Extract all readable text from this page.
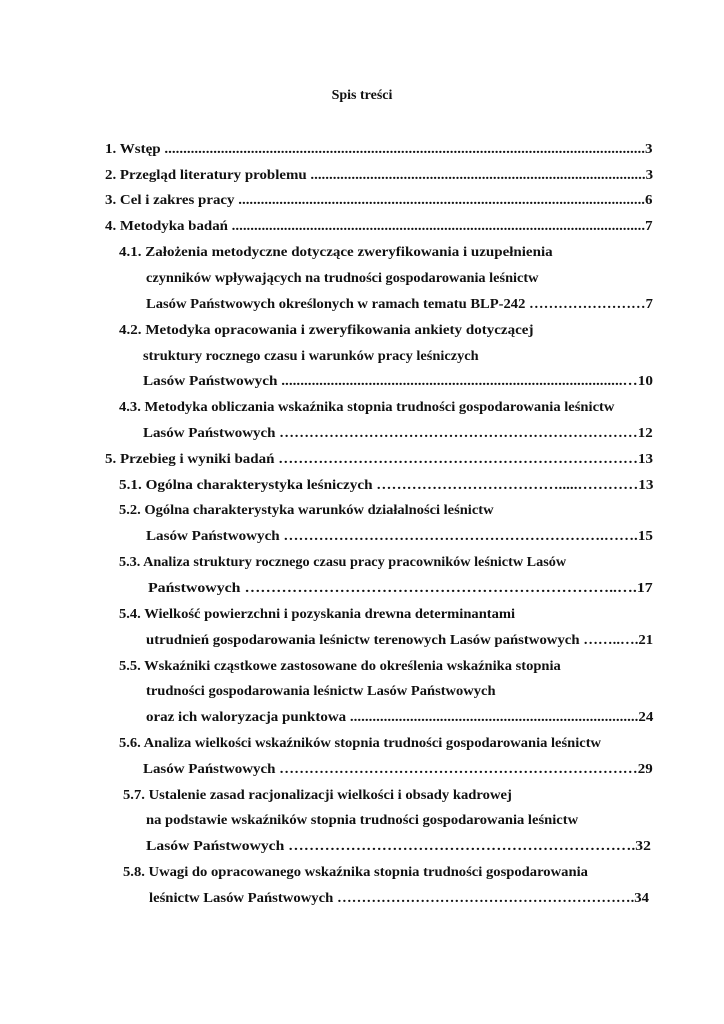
Spis treści
1. Wstęp ................................................................................................................................3
2. Przegląd literatury problemu ..........................................................................................3
3. Cel i zakres pracy .............................................................................................................6
4. Metodyka badań ...............................................................................................................7
4.1. Założenia metodyczne dotyczące zweryfikowania i uzupełnienia
czynników wpływających na trudności gospodarowania leśnictw
Lasów Państwowych określonych w ramach tematu BLP-242 ……………………7
4.2. Metodyka opracowania i zweryfikowania ankiety dotyczącej
struktury rocznego czasu i warunków pracy leśniczych
Lasów Państwowych ..........................................................................................…10
4.3. Metodyka obliczania wskaźnika stopnia trudności gospodarowania leśnictw
Lasów Państwowych ………………………………………………………………12
5. Przebieg i wyniki badań ………………………………………………………………13
5.1. Ogólna charakterystyka leśniczych ……………………………….....…………13
5.2. Ogólna charakterystyka warunków działalności leśnictw
Lasów Państwowych ……………………………………………………….…….15
5.3. Analiza struktury rocznego czasu pracy pracowników leśnictw Lasów
Państwowych ……………………………………………………………..….17
5.4. Wielkość powierzchni i pozyskania drewna determinantami
utrudnień gospodarowania leśnictw terenowych Lasów państwowych ……..….21
5.5. Wskaźniki cząstkowe zastosowane do określenia wskaźnika stopnia
trudności gospodarowania leśnictw Lasów Państwowych
oraz ich waloryzacja punktowa .............................................................................24
5.6. Analiza wielkości wskaźników stopnia trudności gospodarowania leśnictw
Lasów Państwowych ………………………………………………………………29
5.7. Ustalenie zasad racjonalizacji wielkości i obsady kadrowej
na podstawie wskaźników stopnia trudności gospodarowania leśnictw
Lasów Państwowych ………………………………………………………….32
5.8. Uwagi do opracowanego wskaźnika stopnia trudności gospodarowania
leśnictw Lasów Państwowych …………………………………………………….34
